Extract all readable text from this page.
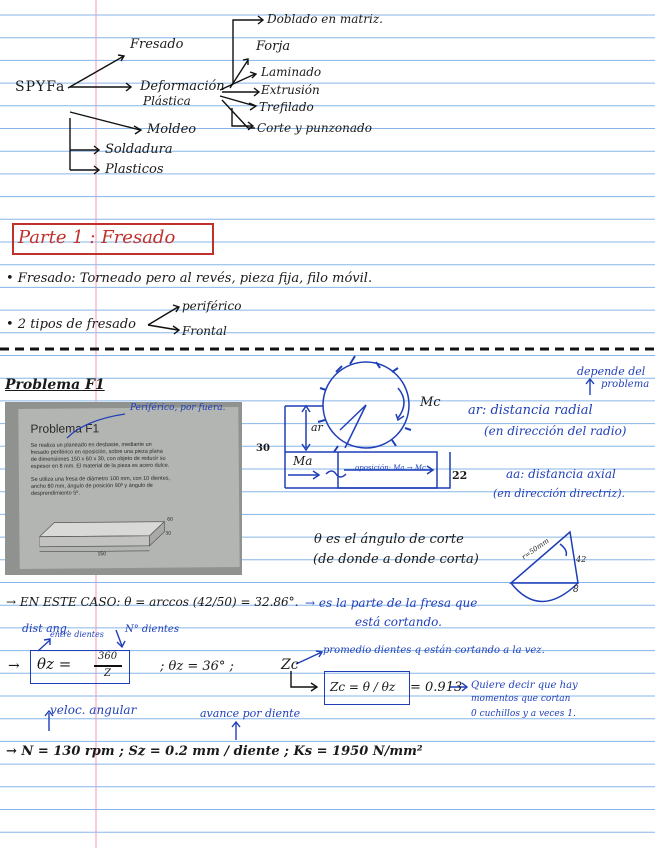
SPYFa
Fresado
Deformación
Plástica
Moldeo
Soldadura
Plasticos
Doblado en matriz.
Forja
Laminado
Extrusión
Trefilado
Corte y punzonado
Parte 1 : Fresado
• Fresado: Torneado pero al revés, pieza fija, filo móvil.
• 2 tipos de fresado
periférico
Frontal
Problema F1
Problema F1
Se realiza un planeado en desbaste, mediante un
fresado periférico en oposición, sobre una pieza plana
de dimensiones 150 x 60 x 30, con objeto de reducir su
espesor en 8 mm. El material de la pieza es acero dulce.
Se utiliza una fresa de diámetro 100 mm, con 10 dientes,
ancho 80 mm, ángulo de posición 90º y ángulo de
desprendimiento 5º.
150
60
30
Periférico, por fuera.	Mc
Ma
ar
30
22
oposición: Ma → Mc
depende del
problema
ar: distancia radial
(en dirección del radio)
aa: distancia axial
(en dirección directriz).
θ es el ángulo de corte
(de donde a donde corta)	r=50mm
8
42
→ EN ESTE CASO: θ = arccos (42/50) = 32.86°. → es la parte de la fresa que
está cortando.
dist ang.
entre dientes N° dientes
θz =	360
Z
→	; θz = 36° ;	Zc
promedio dientes q están cortando a la vez.
Zc = θ / θz = 0.913 Quiere decir que hay
momentos que cortan
0 cuchillos y a veces 1.
veloc. angular	avance por diente
→ N = 130 rpm ; Sz = 0.2 mm / diente ; Ks = 1950 N/mm²
